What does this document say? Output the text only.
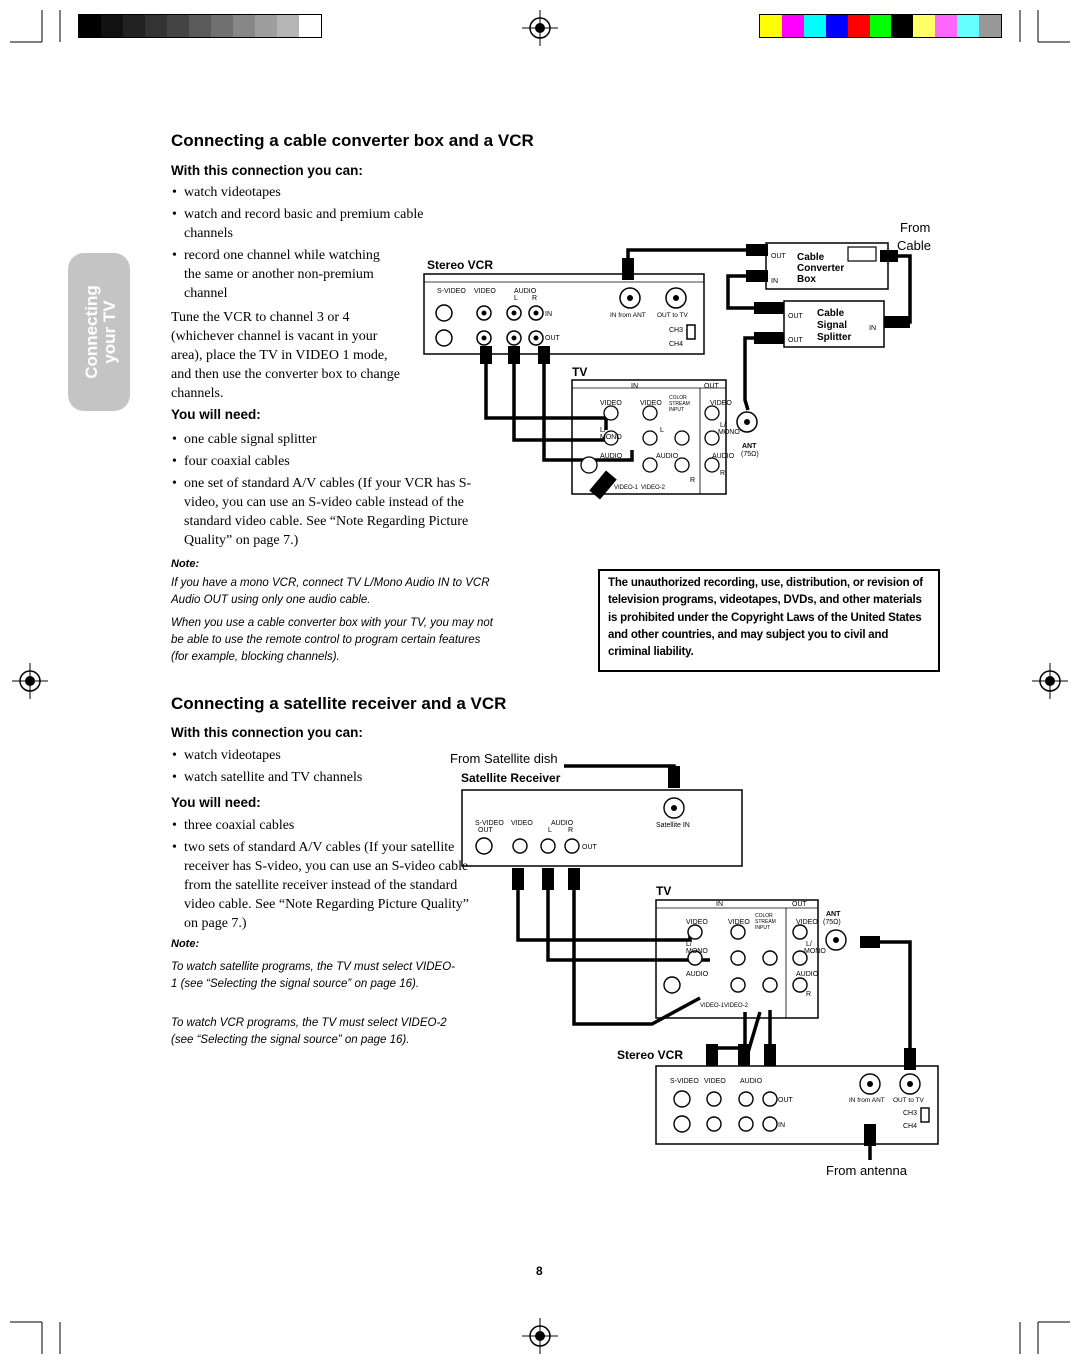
Connecting
your TV
Connecting a cable converter box and a VCR
With this connection you can:
• watch videotapes
• watch and record basic and premium cable channels
• record one channel while watching the same or another non-premium channel
Tune the VCR to channel 3 or 4 (whichever channel is vacant in your area), place the TV in VIDEO 1 mode, and then use the converter box to change channels.
You will need:
• one cable signal splitter
• four coaxial cables
• one set of standard A/V cables (If your VCR has S-video, you can use an S-video cable instead of the standard video cable. See “Note Regarding Picture Quality” on page 7.)
Note:
If you have a mono VCR, connect TV L/Mono Audio IN to VCR Audio OUT using only one audio cable.
When you use a cable converter box with your TV, you may not be able to use the remote control to program certain features (for example, blocking channels).
The unauthorized recording, use, distribution, or revision of television programs, videotapes, DVDs, and other materials is prohibited under the Copyright Laws of the United States and other countries, and may subject you to civil and criminal liability.
Connecting a satellite receiver and a VCR
With this connection you can:
• watch videotapes
• watch satellite and TV channels
You will need:
• three coaxial cables
• two sets of standard A/V cables (If your satellite receiver has S-video, you can use an S-video cable from the satellite receiver instead of the standard video cable. See “Note Regarding Picture Quality” on page 7.)
Note:
To watch satellite programs, the TV must select VIDEO-1 (see “Selecting the signal source” on page 16).
To watch VCR programs, the TV must select VIDEO-2 (see “Selecting the signal source” on page 16).
8
S-VIDEO VIDEO	AUDIO
L R
IN
OUT
IN from ANT OUT to TV
CH3
CH4
OUT
IN
OUT
OUT
IN
IN	OUT
VIDEO	VIDEO	VIDEO
COLOR
STREAM
INPUT
L/
MONO
L
L/
MONO
AUDIO	AUDIO	AUDIO
R
R
VIDEO-1 VIDEO-2
ANT
(75Ω)
Cable
Converter
Box
Cable
Signal
Splitter
Stereo VCR
TV
From
Cable
S-VIDEO
OUT
VIDEO	AUDIO
L R
OUT
Satellite IN
IN	OUT
VIDEO	VIDEO	VIDEO
COLOR
STREAM
INPUT
L/
MONO
L/
MONO
AUDIO	AUDIO
R
VIDEO-1 VIDEO-2
ANT
(75Ω)
S-VIDEO VIDEO AUDIO
OUT
IN
IN from ANT OUT to TV
CH3
CH4
Satellite Receiver
TV
Stereo VCR
From Satellite dish
From antenna
